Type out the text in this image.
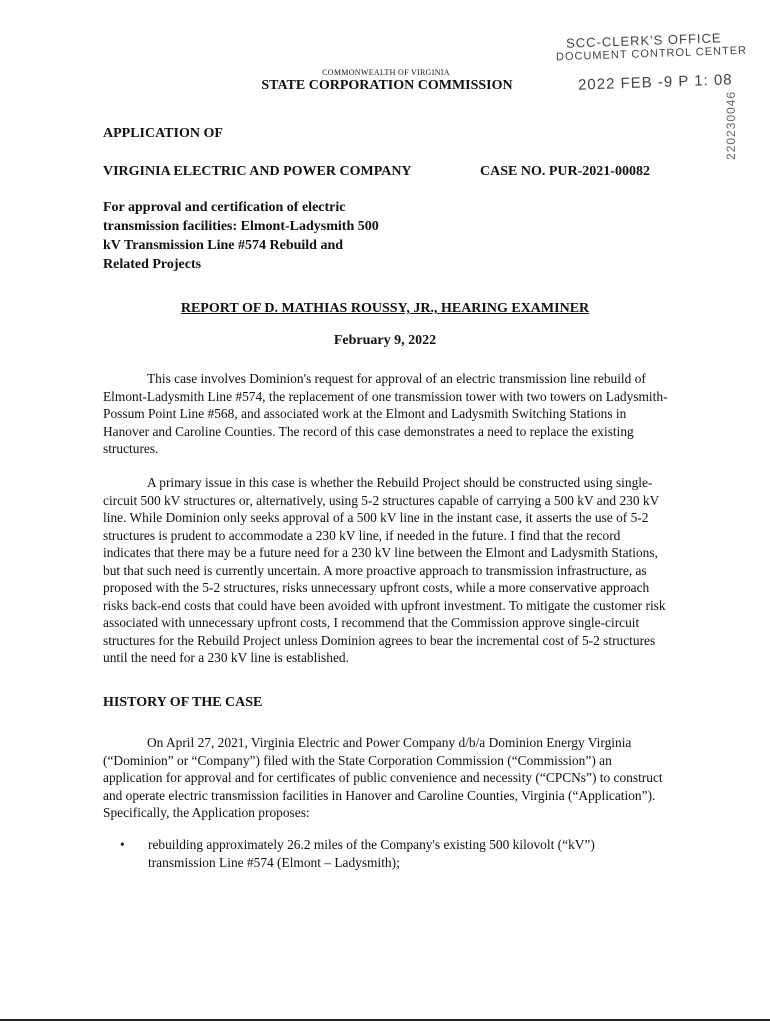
SCC-CLERK'S OFFICE
DOCUMENT CONTROL CENTER
2022 FEB -9 P 1: 08
220230046
COMMONWEALTH OF VIRGINIA
STATE CORPORATION COMMISSION
APPLICATION OF
VIRGINIA ELECTRIC AND POWER COMPANY	CASE NO. PUR-2021-00082
For approval and certification of electric transmission facilities: Elmont-Ladysmith 500 kV Transmission Line #574 Rebuild and Related Projects
REPORT OF D. MATHIAS ROUSSY, JR., HEARING EXAMINER
February 9, 2022

This case involves Dominion's request for approval of an electric transmission line rebuild of Elmont-Ladysmith Line #574, the replacement of one transmission tower with two towers on Ladysmith-Possum Point Line #568, and associated work at the Elmont and Ladysmith Switching Stations in Hanover and Caroline Counties. The record of this case demonstrates a need to replace the existing structures.

A primary issue in this case is whether the Rebuild Project should be constructed using single-circuit 500 kV structures or, alternatively, using 5-2 structures capable of carrying a 500 kV and 230 kV line. While Dominion only seeks approval of a 500 kV line in the instant case, it asserts the use of 5-2 structures is prudent to accommodate a 230 kV line, if needed in the future. I find that the record indicates that there may be a future need for a 230 kV line between the Elmont and Ladysmith Stations, but that such need is currently uncertain. A more proactive approach to transmission infrastructure, as proposed with the 5-2 structures, risks unnecessary upfront costs, while a more conservative approach risks back-end costs that could have been avoided with upfront investment. To mitigate the customer risk associated with unnecessary upfront costs, I recommend that the Commission approve single-circuit structures for the Rebuild Project unless Dominion agrees to bear the incremental cost of 5-2 structures until the need for a 230 kV line is established.

HISTORY OF THE CASE

On April 27, 2021, Virginia Electric and Power Company d/b/a Dominion Energy Virginia (“Dominion” or “Company”) filed with the State Corporation Commission (“Commission”) an application for approval and for certificates of public convenience and necessity (“CPCNs”) to construct and operate electric transmission facilities in Hanover and Caroline Counties, Virginia (“Application”). Specifically, the Application proposes:

• rebuilding approximately 26.2 miles of the Company's existing 500 kilovolt (“kV”) transmission Line #574 (Elmont – Ladysmith);
